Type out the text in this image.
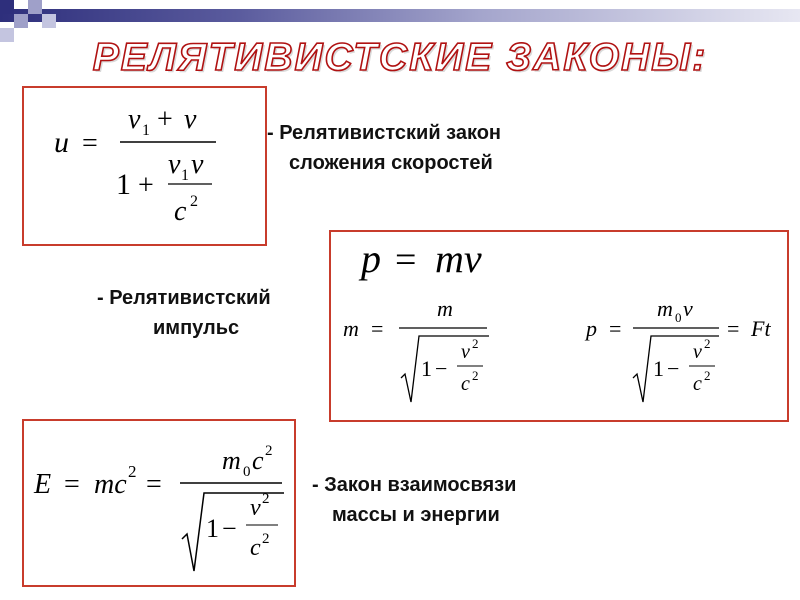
РЕЛЯТИВИСТСКИЕ ЗАКОНЫ:
u =
v 1 + v
1 +
v 1 v
c 2
- Релятивистский закон
сложения скоростей
- Релятивистский
импульс
p = mv
m =
m
1 −
v 2
c 2
p =
m 0 v
1 −
v 2
c 2
= Ft
E = mc 2 =
m 0 c 2
1 −
v 2
c 2
- Закон взаимосвязи
массы и энергии
